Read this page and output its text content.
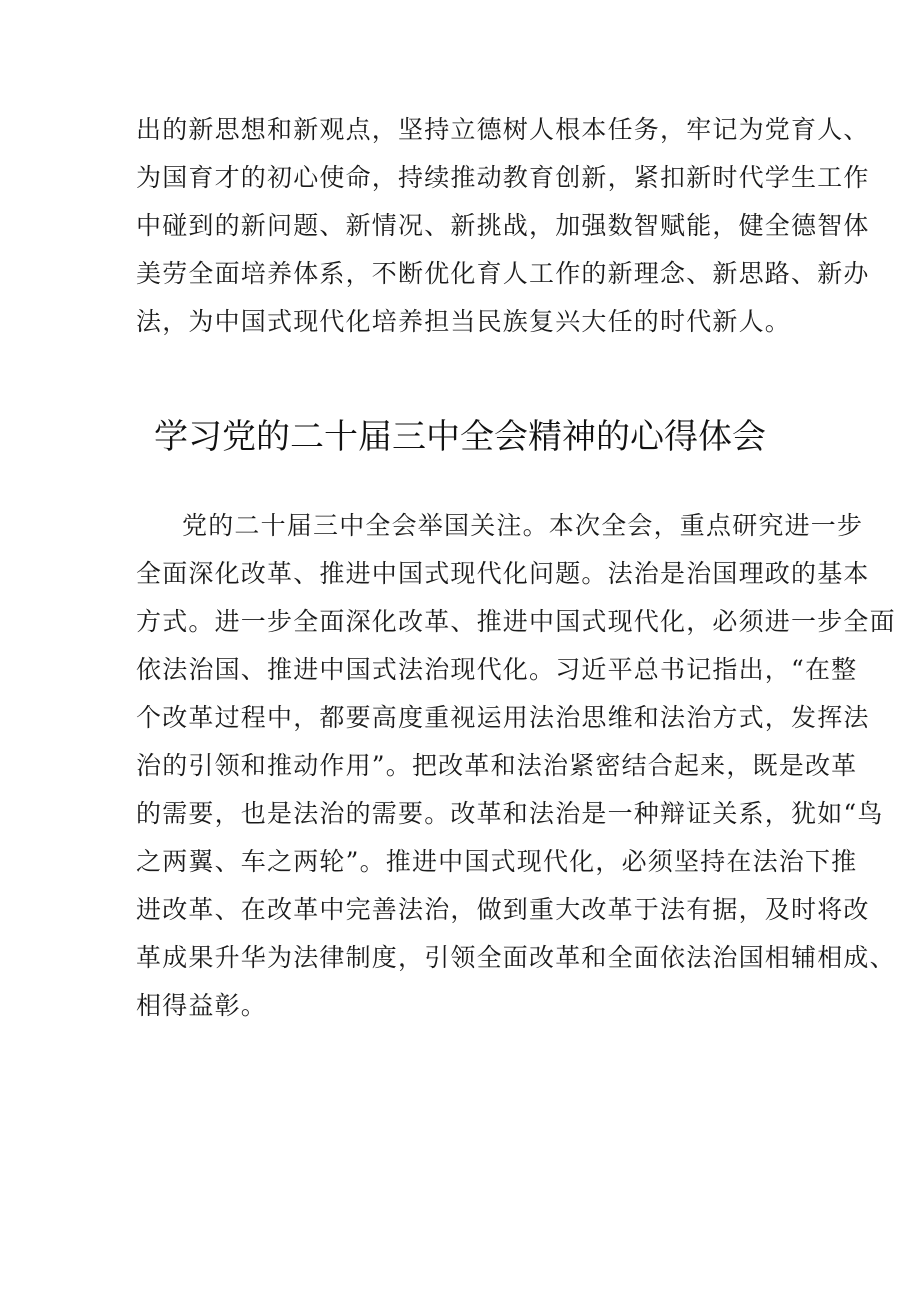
出的新思想和新观点，坚持立德树人根本任务，牢记为党育人、
为国育才的初心使命，持续推动教育创新，紧扣新时代学生工作
中碰到的新问题、新情况、新挑战，加强数智赋能，健全德智体
美劳全面培养体系，不断优化育人工作的新理念、新思路、新办
法，为中国式现代化培养担当民族复兴大任的时代新人。
学习党的二十届三中全会精神的心得体会
党的二十届三中全会举国关注。本次全会，重点研究进一步
全面深化改革、推进中国式现代化问题。法治是治国理政的基本
方式。进一步全面深化改革、推进中国式现代化，必须进一步全面
依法治国、推进中国式法治现代化。习近平总书记指出，“在整
个改革过程中，都要高度重视运用法治思维和法治方式，发挥法
治的引领和推动作用”。把改革和法治紧密结合起来，既是改革
的需要，也是法治的需要。改革和法治是一种辩证关系，犹如“鸟
之两翼、车之两轮”。推进中国式现代化，必须坚持在法治下推
进改革、在改革中完善法治，做到重大改革于法有据，及时将改
革成果升华为法律制度，引领全面改革和全面依法治国相辅相成、
相得益彰。
